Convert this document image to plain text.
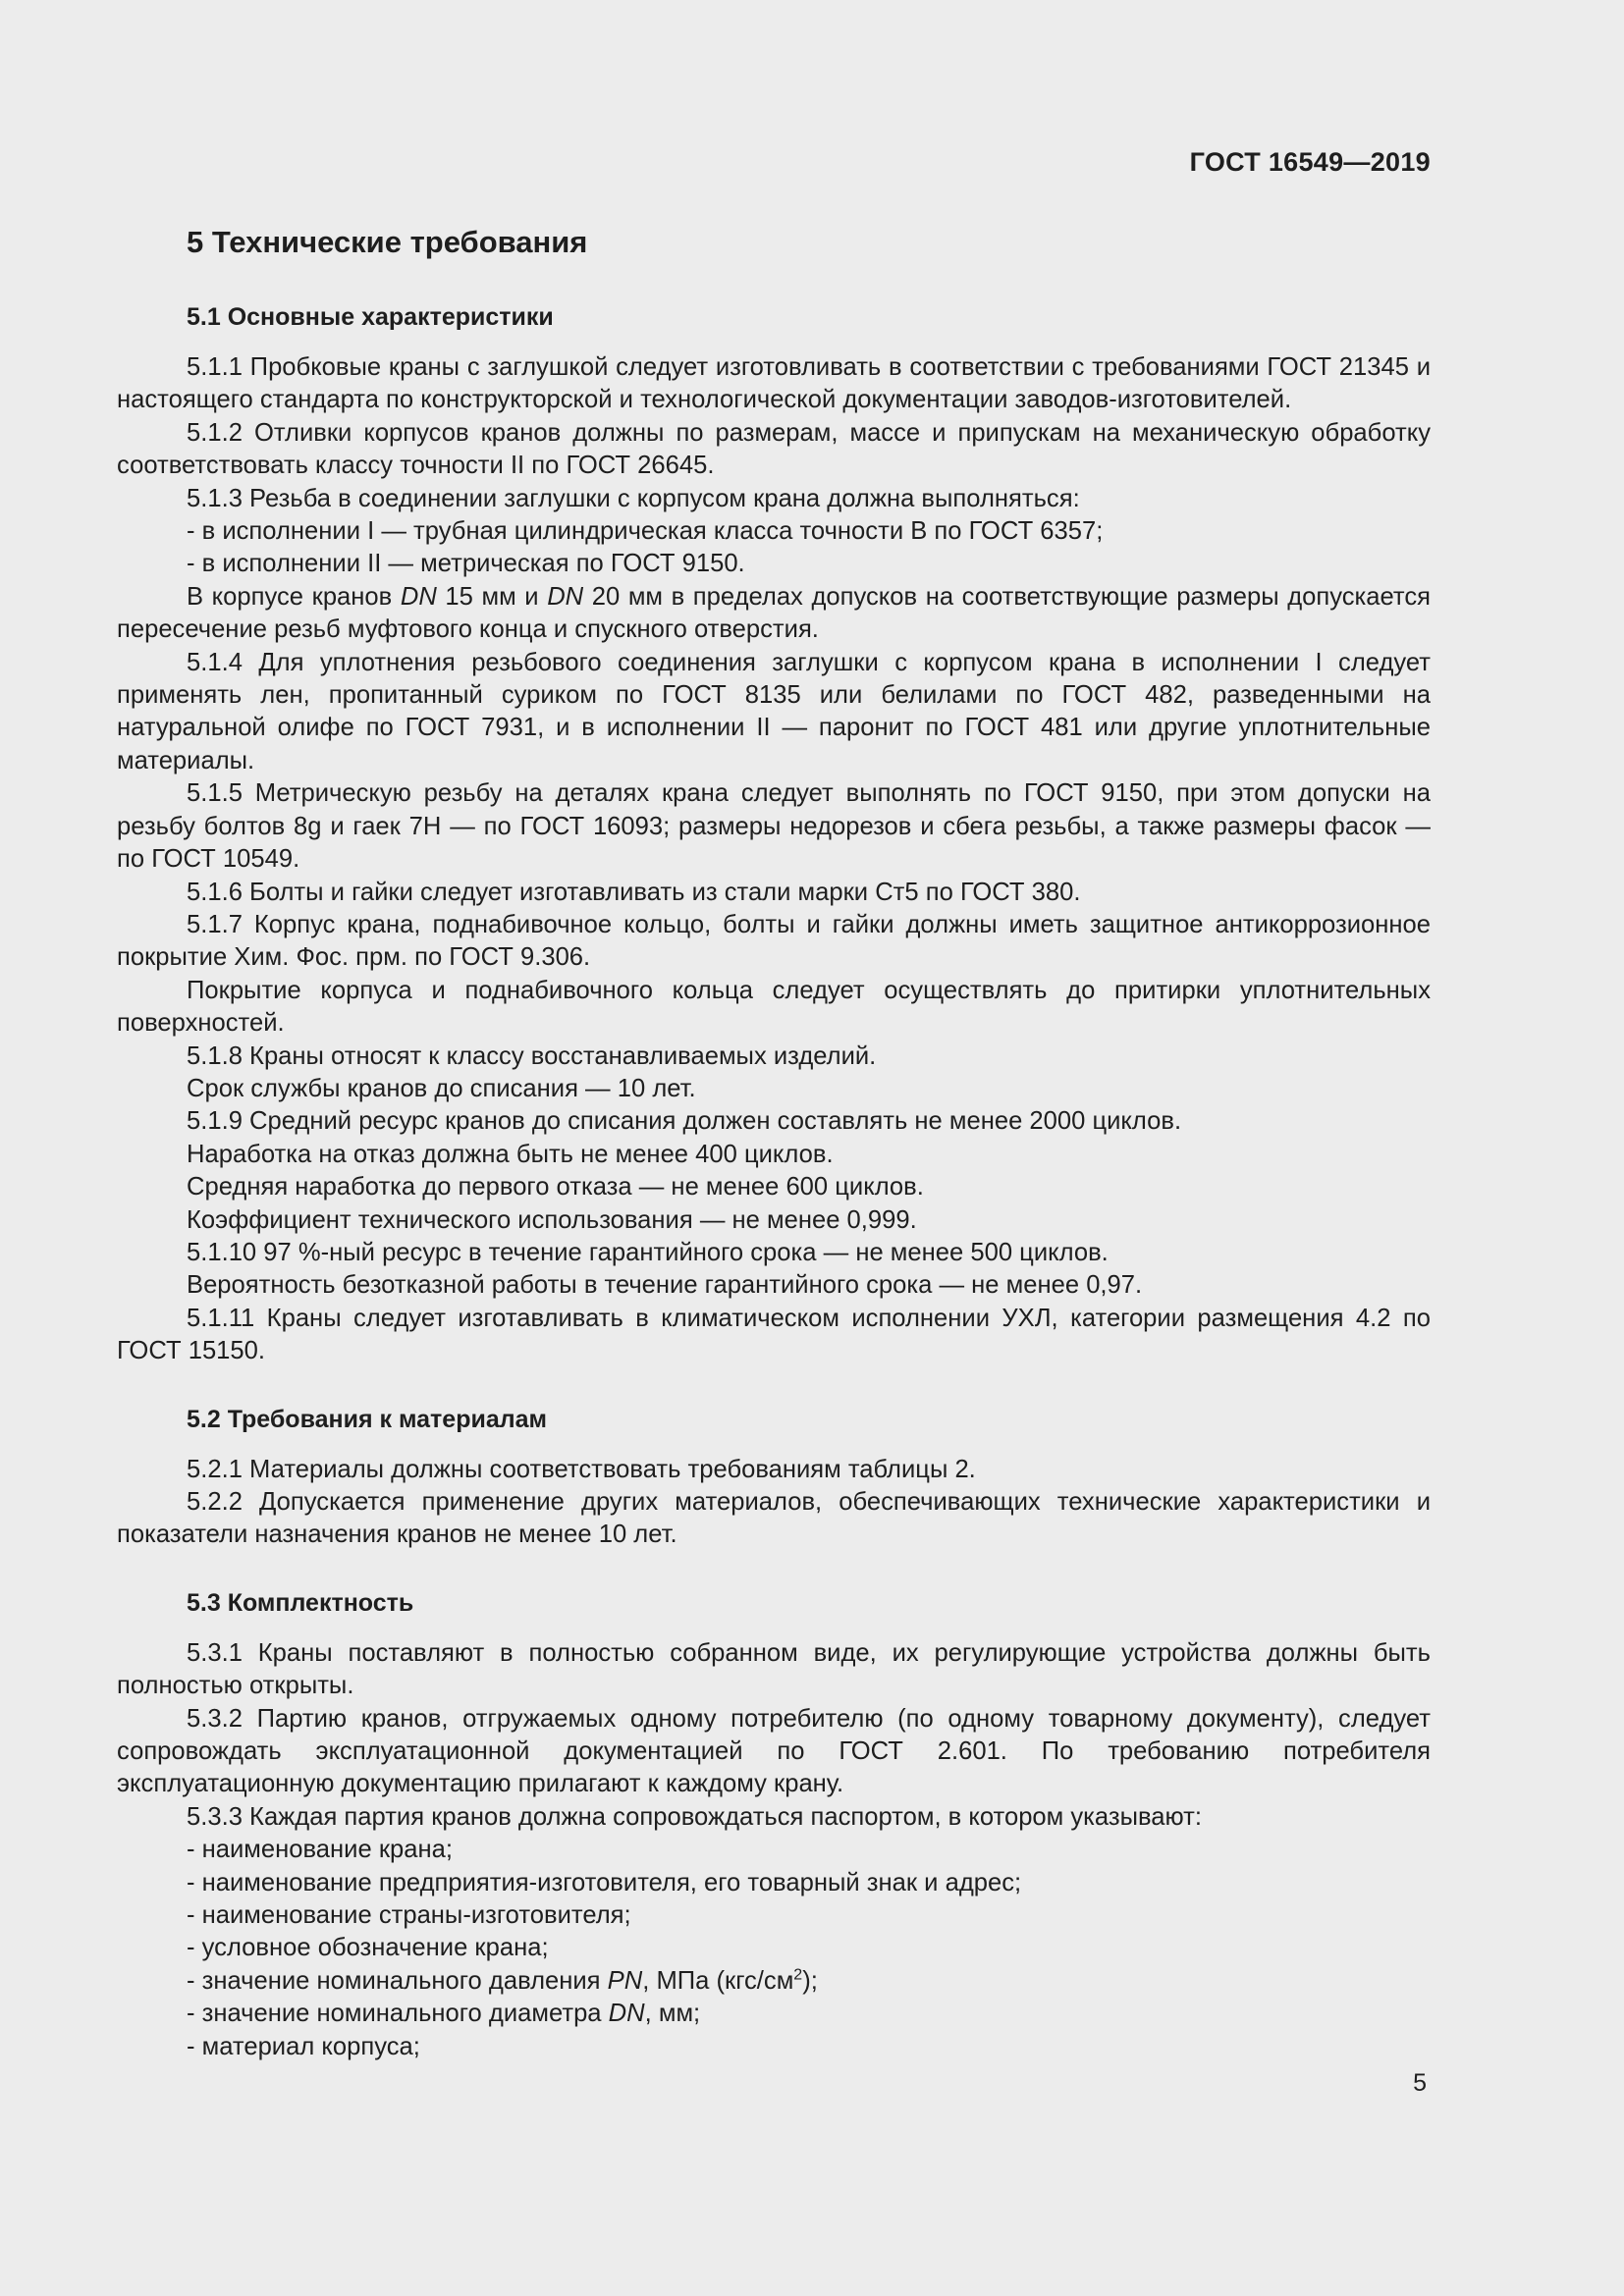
ГОСТ 16549—2019
5 Технические требования
5.1 Основные характеристики

5.1.1 Пробковые краны с заглушкой следует изготовливать в соответствии с требованиями ГОСТ 21345 и настоящего стандарта по конструкторской и технологической документации заводов-изготовителей.

5.1.2 Отливки корпусов кранов должны по размерам, массе и припускам на механическую обработку соответствовать классу точности II по ГОСТ 26645.

5.1.3 Резьба в соединении заглушки с корпусом крана должна выполняться:

- в исполнении I — трубная цилиндрическая класса точности В по ГОСТ 6357;
- в исполнении II — метрическая по ГОСТ 9150.

В корпусе кранов DN 15 мм и DN 20 мм в пределах допусков на соответствующие размеры допускается пересечение резьб муфтового конца и спускного отверстия.

5.1.4 Для уплотнения резьбового соединения заглушки с корпусом крана в исполнении I следует применять лен, пропитанный суриком по ГОСТ 8135 или белилами по ГОСТ 482, разведенными на натуральной олифе по ГОСТ 7931, и в исполнении II — паронит по ГОСТ 481 или другие уплотнительные материалы.

5.1.5 Метрическую резьбу на деталях крана следует выполнять по ГОСТ 9150, при этом допуски на резьбу болтов 8g и гаек 7H — по ГОСТ 16093; размеры недорезов и сбега резьбы, а также размеры фасок — по ГОСТ 10549.

5.1.6 Болты и гайки следует изготавливать из стали марки Ст5 по ГОСТ 380.

5.1.7 Корпус крана, поднабивочное кольцо, болты и гайки должны иметь защитное антикоррозионное покрытие Хим. Фос. прм. по ГОСТ 9.306.

Покрытие корпуса и поднабивочного кольца следует осуществлять до притирки уплотнительных поверхностей.

5.1.8 Краны относят к классу восстанавливаемых изделий.

Срок службы кранов до списания — 10 лет.

5.1.9 Средний ресурс кранов до списания должен составлять не менее 2000 циклов.

Наработка на отказ должна быть не менее 400 циклов.

Средняя наработка до первого отказа — не менее 600 циклов.

Коэффициент технического использования — не менее 0,999.

5.1.10 97 %-ный ресурс в течение гарантийного срока — не менее 500 циклов.

Вероятность безотказной работы в течение гарантийного срока — не менее 0,97.

5.1.11 Краны следует изготавливать в климатическом исполнении УХЛ, категории размещения 4.2 по ГОСТ 15150.

5.2 Требования к материалам

5.2.1 Материалы должны соответствовать требованиям таблицы 2.

5.2.2 Допускается применение других материалов, обеспечивающих технические характеристики и показатели назначения кранов не менее 10 лет.

5.3 Комплектность

5.3.1 Краны поставляют в полностью собранном виде, их регулирующие устройства должны быть полностью открыты.

5.3.2 Партию кранов, отгружаемых одному потребителю (по одному товарному документу), следует сопровождать эксплуатационной документацией по ГОСТ 2.601. По требованию потребителя эксплуатационную документацию прилагают к каждому крану.

5.3.3 Каждая партия кранов должна сопровождаться паспортом, в котором указывают:

- наименование крана;
- наименование предприятия-изготовителя, его товарный знак и адрес;
- наименование страны-изготовителя;
- условное обозначение крана;
- значение номинального давления PN, МПа $(кгс/см^2)$;
- значение номинального диаметра DN, мм;
- материал корпуса;
5
